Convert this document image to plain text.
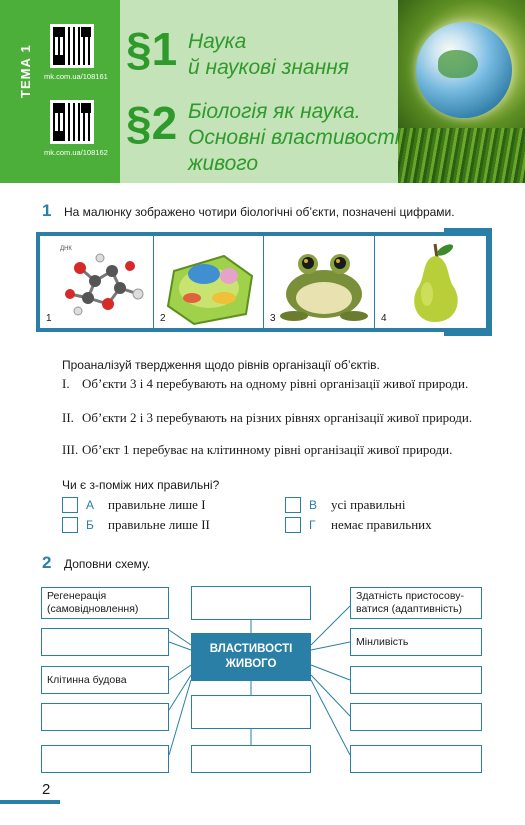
ТЕМА 1 mk.com.ua/108161
mk.com.ua/108162
§1 Наука
й наукові знання
§2 Біологія як наука.
Основні властивості
живого
1 На малюнку зображено чотири біологічні об’єкти, позначені цифрами.
ДНК
1	2	3	4
Проаналізуй твердження щодо рівнів організації об’єктів.
I. Об’єкти 3 і 4 перебувають на одному рівні організації живої природи.
II. Об’єкти 2 і 3 перебувають на різних рівнях організації живої природи.
III. Об’єкт 1 перебуває на клітинному рівні організації живої природи.
Чи є з-поміж них правильні?
А	правильне лише I
Б	правильне лише II
В	усі правильні
Г	немає правильних
2 Доповни схему.
Регенерація (самовідновлення)
Клітинна будова
ВЛАСТИВОСТІ
ЖИВОГО
Здатність пристосову-ватися (адаптивність)
Мінливість
2
